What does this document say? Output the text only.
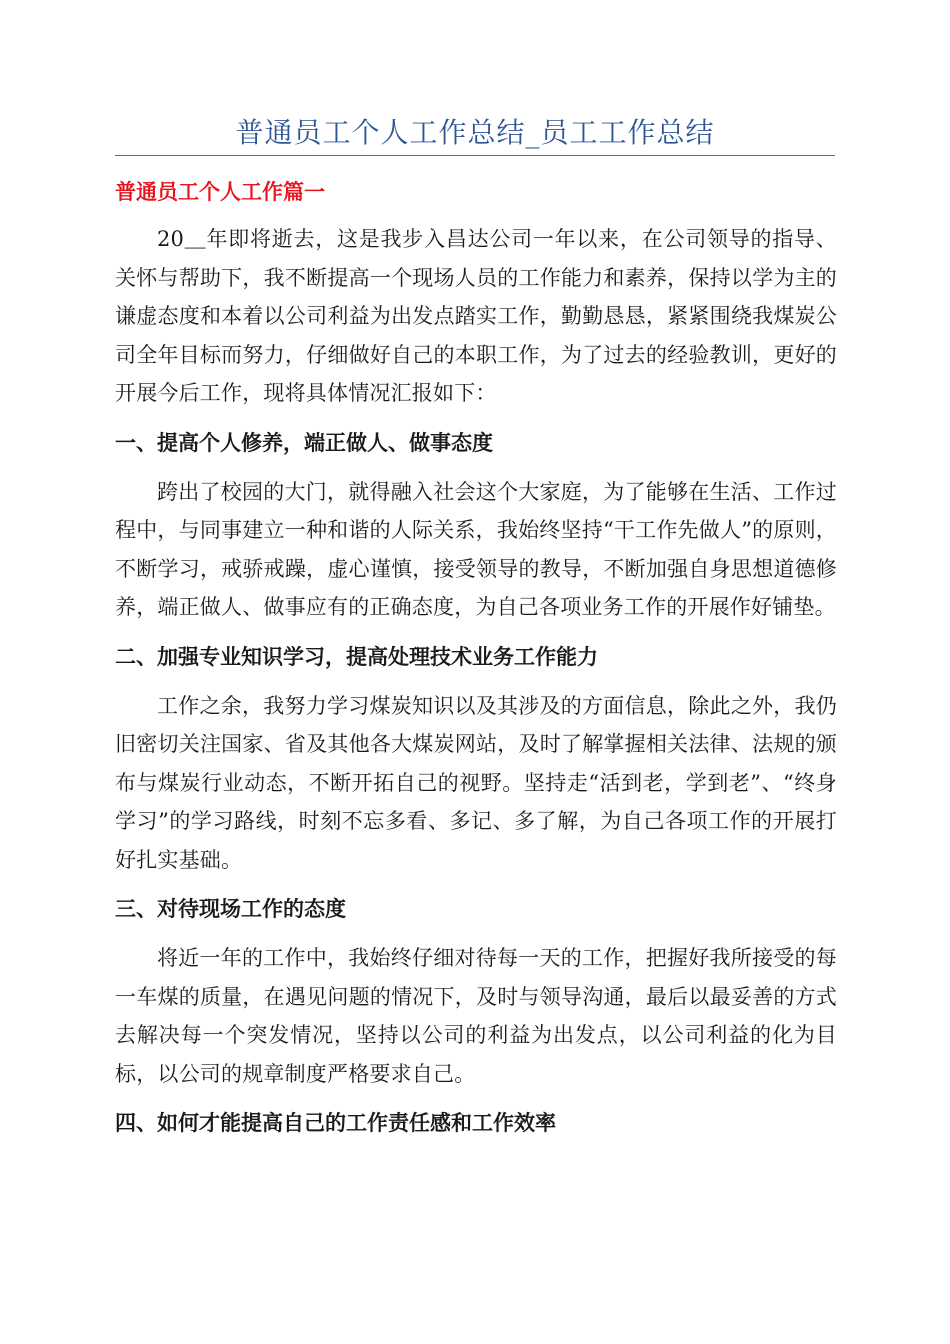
普通员工个人工作总结_员工工作总结
普通员工个人工作篇一

20＿年即将逝去，这是我步入昌达公司一年以来，在公司领导的指导、关怀与帮助下，我不断提高一个现场人员的工作能力和素养，保持以学为主的谦虚态度和本着以公司利益为出发点踏实工作，勤勤恳恳，紧紧围绕我煤炭公司全年目标而努力，仔细做好自己的本职工作，为了过去的经验教训，更好的开展今后工作，现将具体情况汇报如下：

一、提高个人修养，端正做人、做事态度

跨出了校园的大门，就得融入社会这个大家庭，为了能够在生活、工作过程中，与同事建立一种和谐的人际关系，我始终坚持“干工作先做人”的原则，不断学习，戒骄戒躁，虚心谨慎，接受领导的教导，不断加强自身思想道德修养，端正做人、做事应有的正确态度，为自己各项业务工作的开展作好铺垫。

二、加强专业知识学习，提高处理技术业务工作能力

工作之余，我努力学习煤炭知识以及其涉及的方面信息，除此之外，我仍旧密切关注国家、省及其他各大煤炭网站，及时了解掌握相关法律、法规的颁布与煤炭行业动态，不断开拓自己的视野。坚持走“活到老，学到老”、“终身学习”的学习路线，时刻不忘多看、多记、多了解，为自己各项工作的开展打好扎实基础。

三、对待现场工作的态度

将近一年的工作中，我始终仔细对待每一天的工作，把握好我所接受的每一车煤的质量，在遇见问题的情况下，及时与领导沟通，最后以最妥善的方式去解决每一个突发情况，坚持以公司的利益为出发点，以公司利益的化为目标，以公司的规章制度严格要求自己。

四、如何才能提高自己的工作责任感和工作效率
